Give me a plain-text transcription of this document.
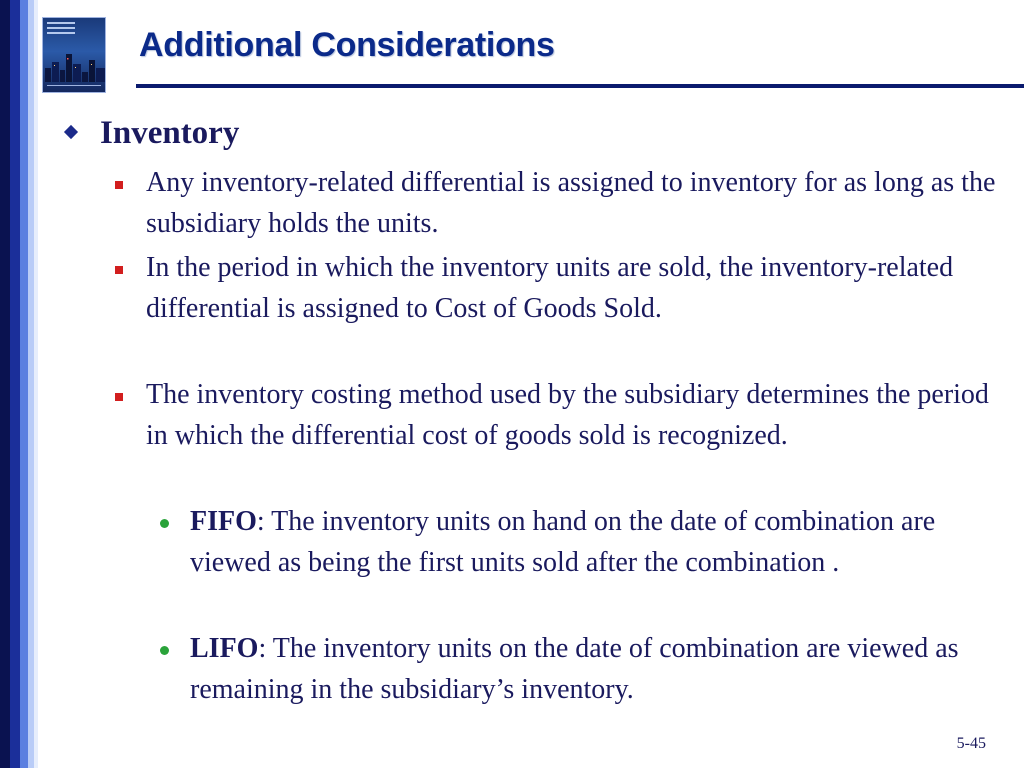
Additional Considerations
Inventory
Any inventory-related differential is assigned to inventory for as long as the subsidiary holds the units.
In the period in which the inventory units are sold, the inventory-related differential is assigned to Cost of Goods Sold.
The inventory costing method used by the subsidiary determines the period in which the differential cost of goods sold is recognized.
FIFO: The inventory units on hand on the date of combination are viewed as being the first units sold after the combination .
LIFO: The inventory units on the date of combination are viewed as remaining in the subsidiary’s inventory.
5-45
